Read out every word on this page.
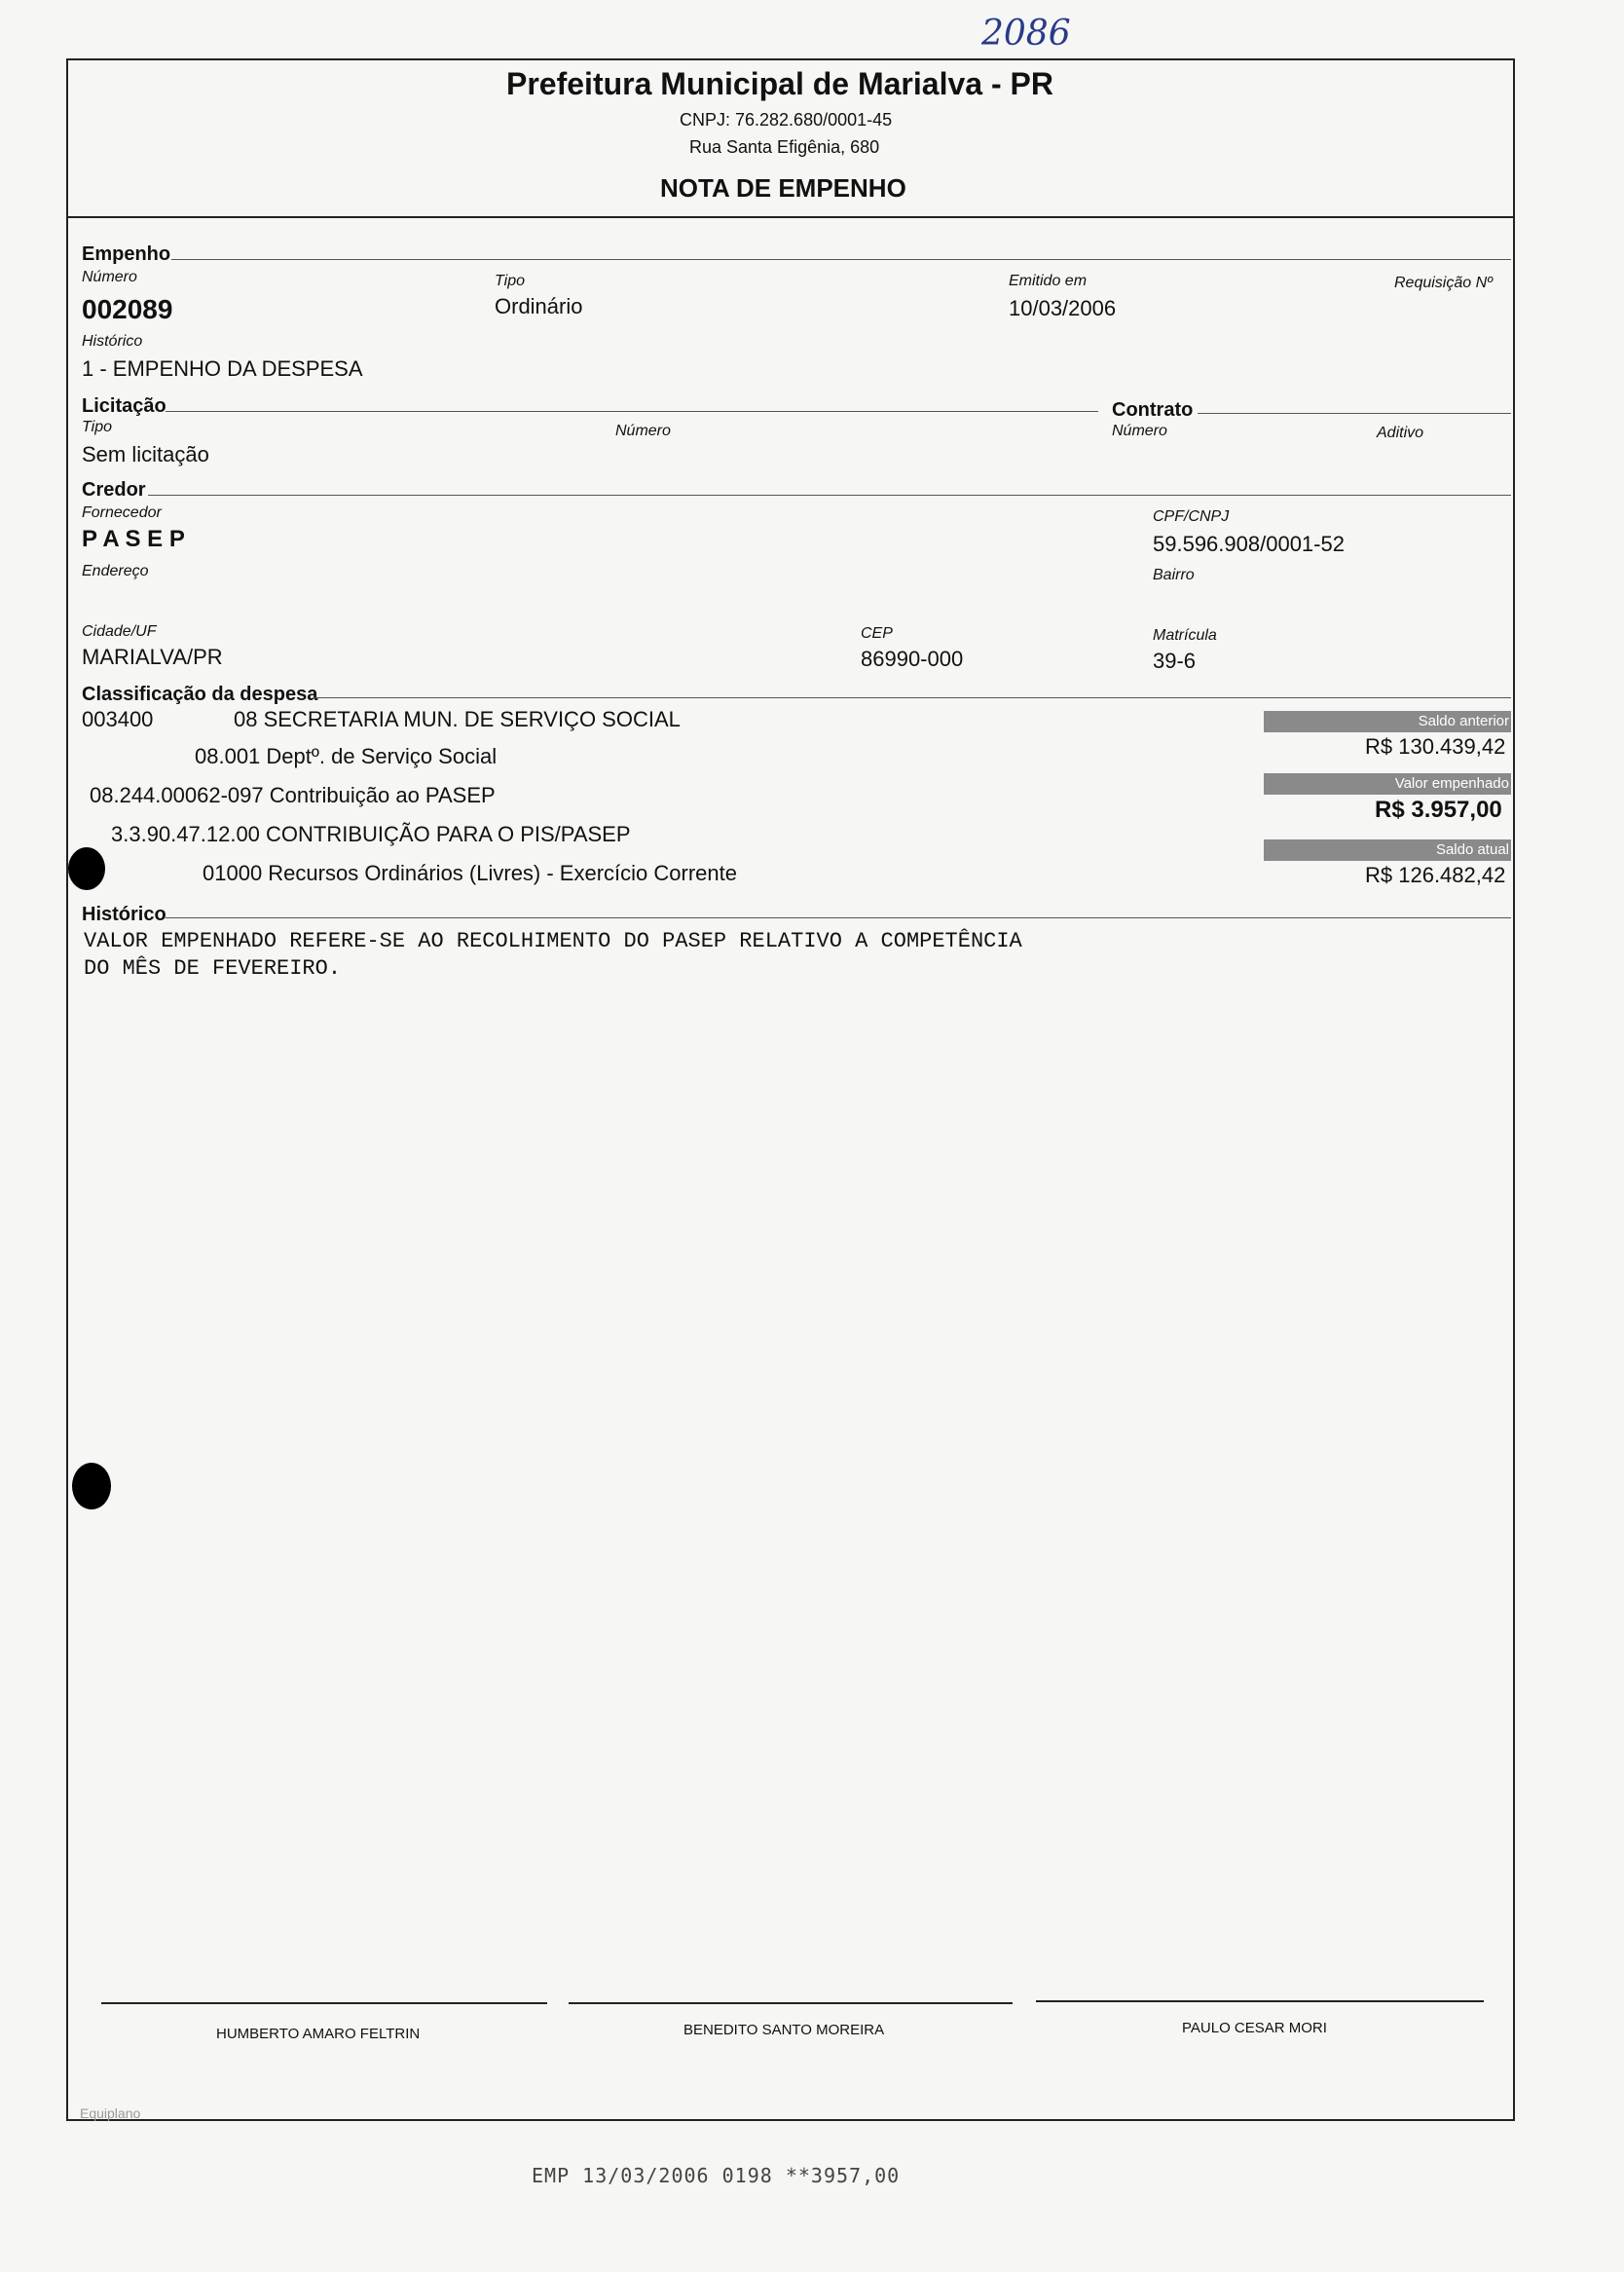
2086
Prefeitura Municipal de Marialva - PR
CNPJ: 76.282.680/0001-45
Rua Santa Efigênia, 680
NOTA DE EMPENHO
Empenho
Número
002089
Tipo
Ordinário
Emitido em
10/03/2006
Requisição Nº
Histórico
1 - EMPENHO DA DESPESA
Licitação
Tipo
Sem licitação
Número
Contrato
Número	Aditivo
Credor
Fornecedor
P A S E P
CPF/CNPJ
59.596.908/0001-52
Endereço	Bairro
Cidade/UF
MARIALVA/PR
CEP
86990-000
Matrícula
39-6
Classificação da despesa
003400	08 SECRETARIA MUN. DE SERVIÇO SOCIAL
08.001 Deptº. de Serviço Social
08.244.00062-097 Contribuição ao PASEP
3.3.90.47.12.00 CONTRIBUIÇÃO PARA O PIS/PASEP
01000 Recursos Ordinários (Livres) - Exercício Corrente
Saldo anterior
R$ 130.439,42
Valor empenhado
R$ 3.957,00
Saldo atual
R$ 126.482,42
Histórico
VALOR EMPENHADO REFERE-SE AO RECOLHIMENTO DO PASEP RELATIVO A COMPETÊNCIA
DO MÊS DE FEVEREIRO.
HUMBERTO AMARO FELTRIN	BENEDITO SANTO MOREIRA	PAULO CESAR MORI
Equiplano
EMP 13/03/2006 0198 **3957,00
